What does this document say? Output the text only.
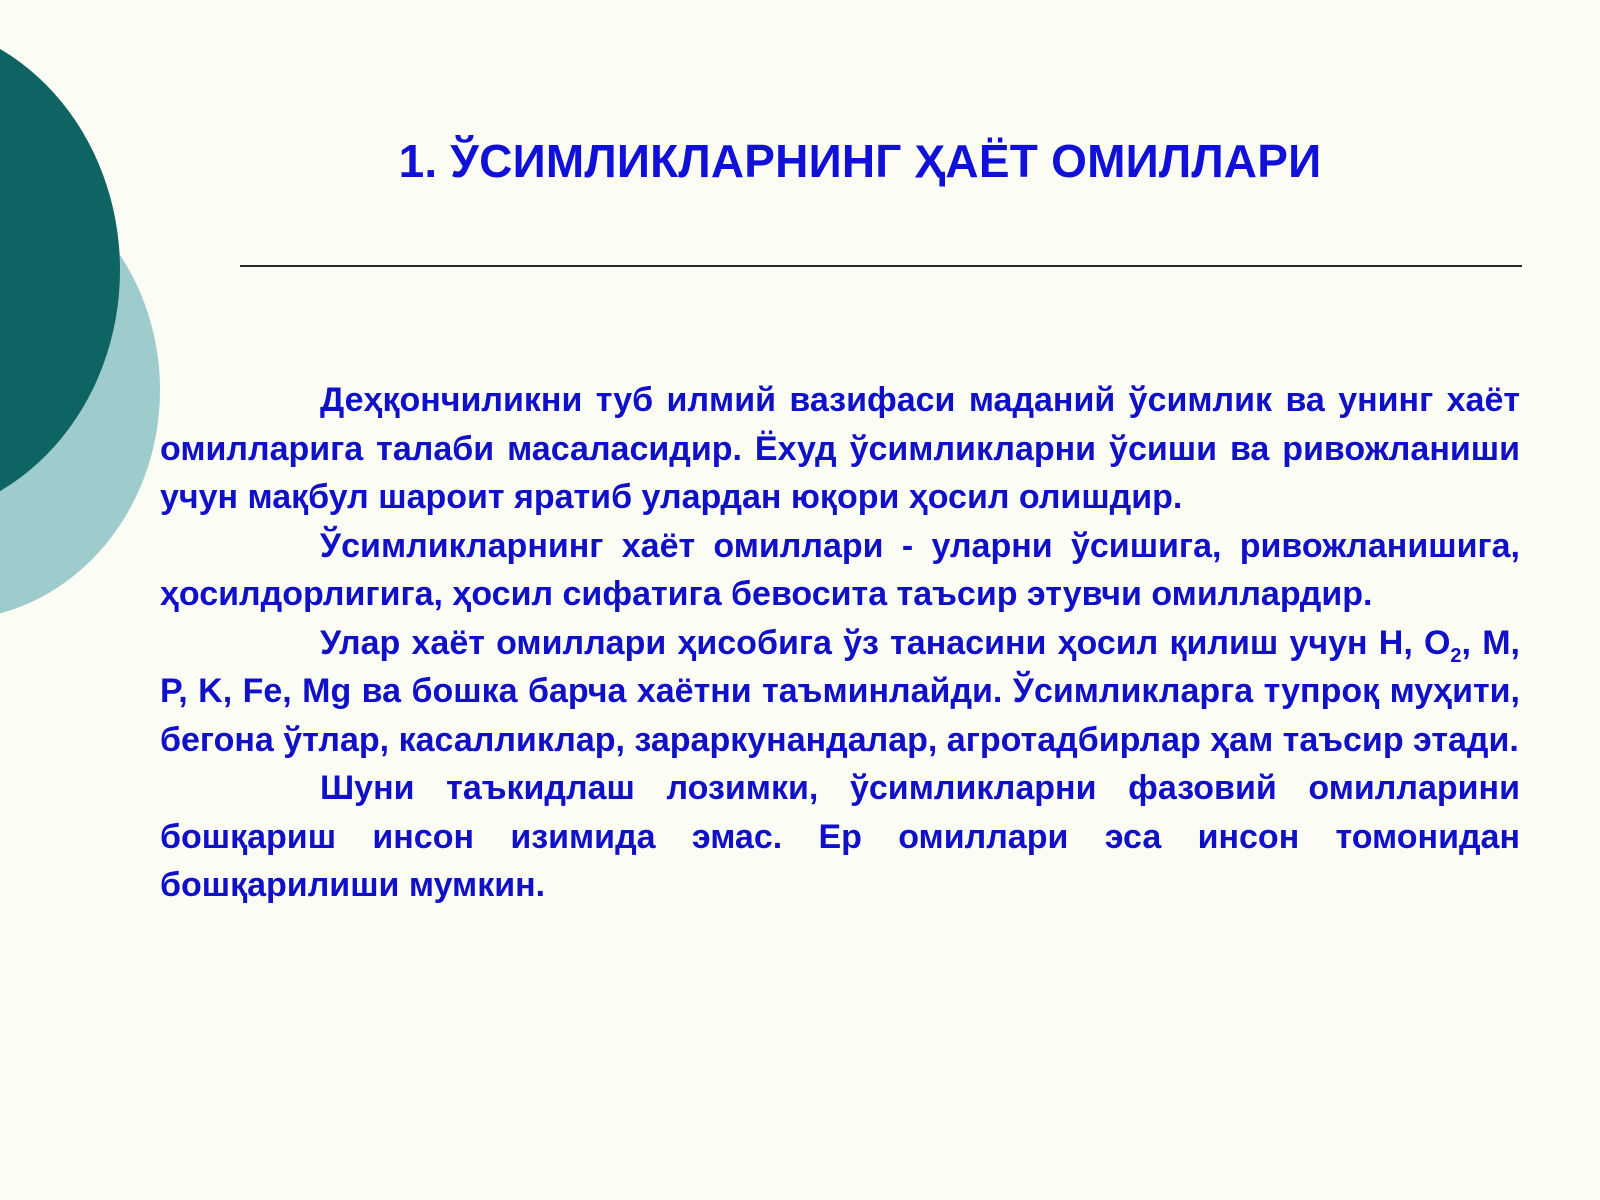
1. ЎСИМЛИКЛАРНИНГ ҲАЁТ ОМИЛЛАРИ

Деҳқончиликни туб илмий вазифаси маданий ўсимлик ва унинг хаёт омилларига талаби масаласидир. Ёхуд ўсимликларни ўсиши ва ривожланиши учун мақбул шароит яратиб улардан юқори ҳосил олишдир.

Ўсимликларнинг хаёт омиллари - уларни ўсишига, ривожланишига, ҳосилдорлигига, ҳосил сифатига бевосита таъсир этувчи омиллардир.

Улар хаёт омиллари ҳисобига ўз танасини ҳосил қилиш учун H, $O_2$, M, P, K, Fe, Mg ва бошка барча хаётни таъминлайди. Ўсимликларга тупроқ муҳити, бегона ўтлар, касалликлар, зараркунандалар, агротадбирлар ҳам таъсир этади.

Шуни таъкидлаш лозимки, ўсимликларни фазовий омилларини бошқариш инсон изимида эмас. Ер омиллари эса инсон томонидан бошқарилиши мумкин.
